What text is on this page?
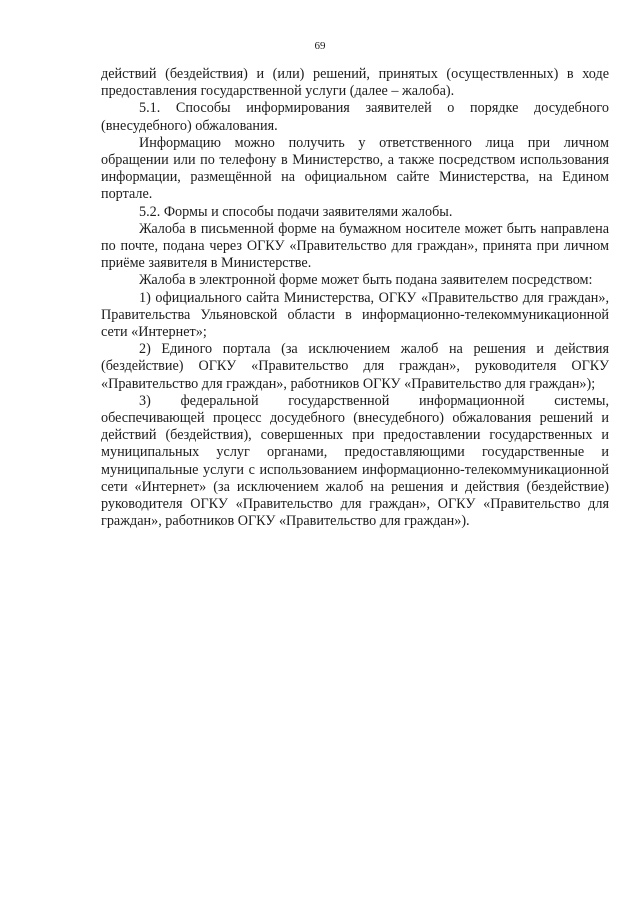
69

действий (бездействия) и (или) решений, принятых (осуществленных) в ходе предоставления государственной услуги (далее – жалоба).

5.1. Способы информирования заявителей о порядке досудебного (внесудебного) обжалования.

Информацию можно получить у ответственного лица при личном обращении или по телефону в Министерство, а также посредством использования информации, размещённой на официальном сайте Министерства, на Едином портале.

5.2. Формы и способы подачи заявителями жалобы.

Жалоба в письменной форме на бумажном носителе может быть направлена по почте, подана через ОГКУ «Правительство для граждан», принята при личном приёме заявителя в Министерстве.

Жалоба в электронной форме может быть подана заявителем посредством:

1) официального сайта Министерства, ОГКУ «Правительство для граждан», Правительства Ульяновской области в информационно-телекоммуникационной сети «Интернет»;

2) Единого портала (за исключением жалоб на решения и действия (бездействие) ОГКУ «Правительство для граждан», руководителя ОГКУ «Правительство для граждан», работников ОГКУ «Правительство для граждан»);

3) федеральной государственной информационной системы, обеспечивающей процесс досудебного (внесудебного) обжалования решений и действий (бездействия), совершенных при предоставлении государственных и муниципальных услуг органами, предоставляющими государственные и муниципальные услуги с использованием информационно-телекоммуникационной сети «Интернет» (за исключением жалоб на решения и действия (бездействие) руководителя ОГКУ «Правительство для граждан», ОГКУ «Правительство для граждан», работников ОГКУ «Правительство для граждан»).
